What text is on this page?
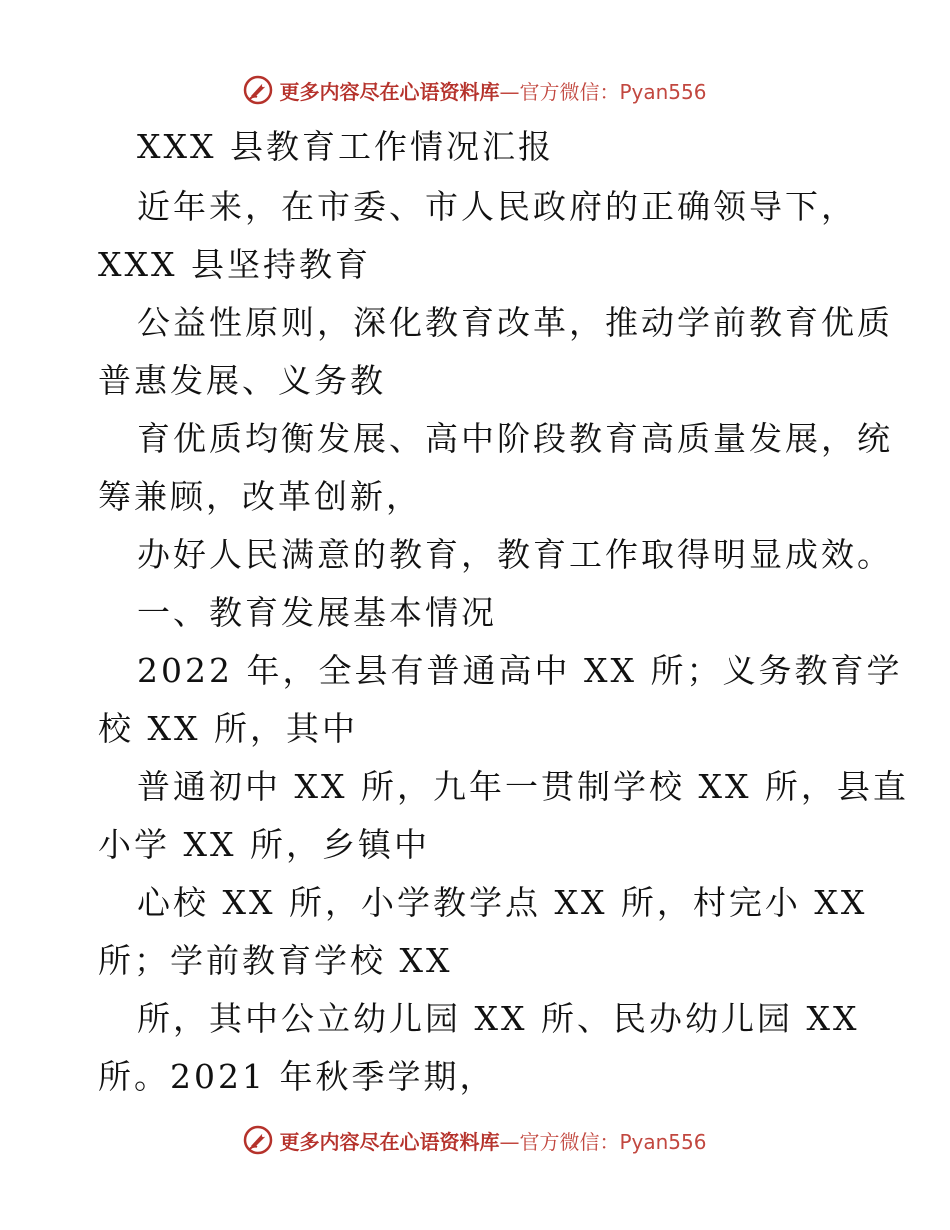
更多内容尽在心语资料库 —官方微信：Pyan556
XXX 县教育工作情况汇报
近年来，在市委、市人民政府的正确领导下，
XXX 县坚持教育
公益性原则，深化教育改革，推动学前教育优质
普惠发展、义务教
育优质均衡发展、高中阶段教育高质量发展，统
筹兼顾，改革创新，
办好人民满意的教育，教育工作取得明显成效。
一、教育发展基本情况
2022 年，全县有普通高中 XX 所；义务教育学
校 XX 所，其中
普通初中 XX 所，九年一贯制学校 XX 所，县直
小学 XX 所，乡镇中
心校 XX 所，小学教学点 XX 所，村完小 XX
所；学前教育学校 XX
所，其中公立幼儿园 XX 所、民办幼儿园 XX
所。2021 年秋季学期，
更多内容尽在心语资料库 —官方微信：Pyan556
